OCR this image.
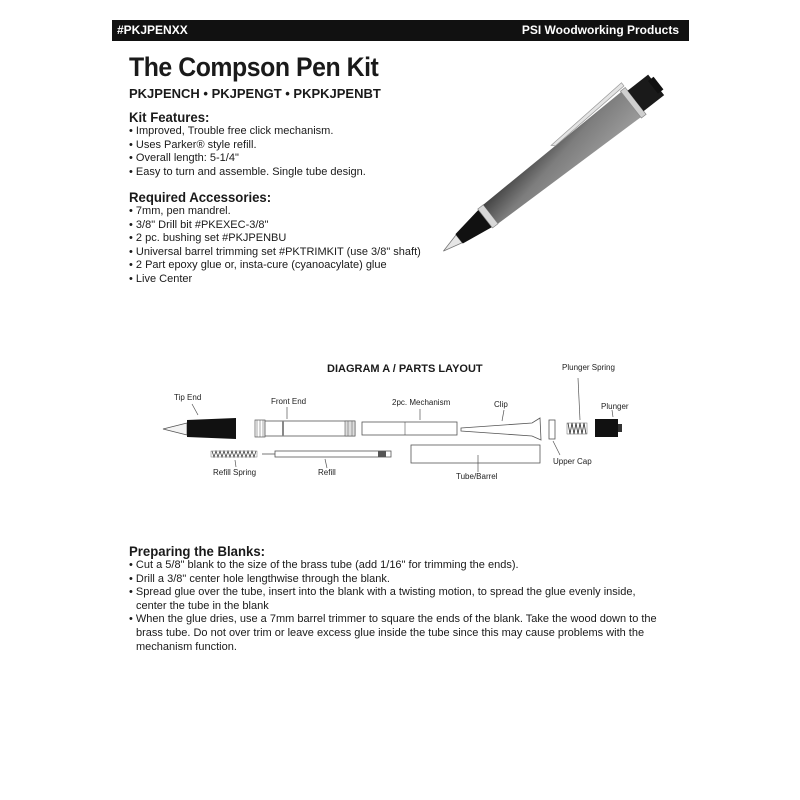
#PKJPENXX	PSI Woodworking Products
The Compson Pen Kit
PKJPENCH • PKJPENGT • PKPKJPENBT
Kit Features:
• Improved, Trouble free click mechanism.
• Uses Parker® style refill.
• Overall length: 5-1/4"
• Easy to turn and assemble. Single tube design.
Required Accessories:
• 7mm, pen mandrel.
• 3/8" Drill bit #PKEXEC-3/8"
• 2 pc. bushing set #PKJPENBU
• Universal barrel trimming set #PKTRIMKIT (use 3/8" shaft)
• 2 Part epoxy glue or, insta-cure (cyanoacylate) glue
• Live Center
DIAGRAM A / PARTS LAYOUT
Tip End	Front End	2pc. Mechanism	Clip
Plunger Spring
Plunger
Refill Spring	Refill	Tube/Barrel
Upper Cap
Preparing the Blanks:
• Cut a 5/8" blank to the size of the brass tube (add 1/16" for trimming the ends).
• Drill a 3/8" center hole lengthwise through the blank.
• Spread glue over the tube, insert into the blank with a twisting motion, to spread the glue evenly inside, center the tube in the blank
• When the glue dries, use a 7mm barrel trimmer to square the ends of the blank. Take the wood down to the brass tube. Do not over trim or leave excess glue inside the tube since this may cause problems with the mechanism function.
